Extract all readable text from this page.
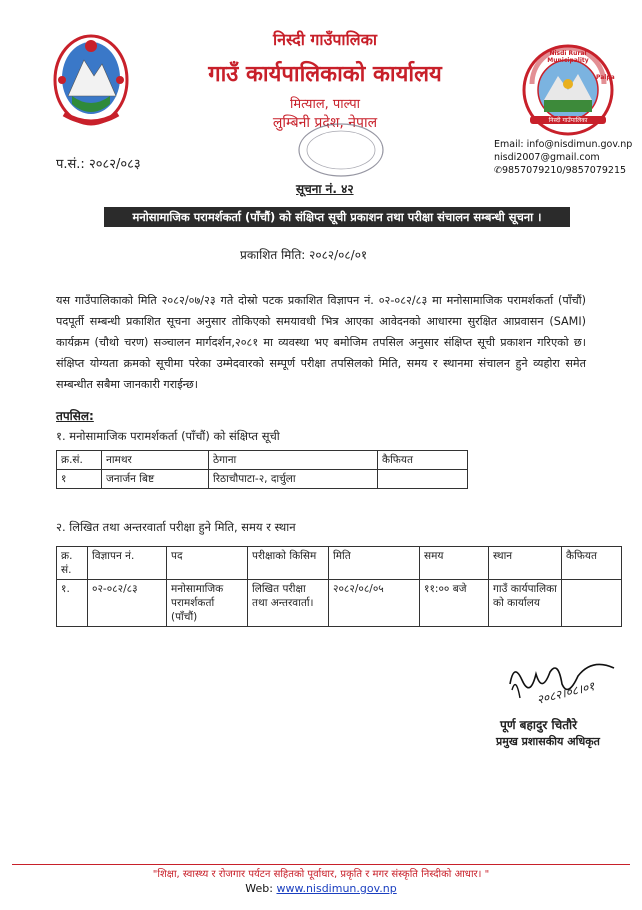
निस्दी गाउँपालिका
गाउँ कार्यपालिकाको कार्यालय
मित्याल, पाल्पा
लुम्बिनी प्रदेश, नेपाल
Nisdi Rural Municipality
निस्दी गाउँपालिका
Palpa
Email: info@nisdimun.gov.np
nisdi2007@gmail.com
✆9857079210/9857079215
प.सं.: २०८२/०८३
सूचना नं. ४२
मनोसामाजिक परामर्शकर्ता (पाँचौं) को संक्षिप्त सूची प्रकाशन तथा परीक्षा संचालन सम्बन्धी सूचना ।
प्रकाशित मिति: २०८२/०८/०१
यस गाउँपालिकाको मिति २०८२/०७/२३ गते दोस्रो पटक प्रकाशित विज्ञापन नं. ०२-०८२/८३ मा मनोसामाजिक परामर्शकर्ता (पाँचौं) पदपूर्ती सम्बन्धी प्रकाशित सूचना अनुसार तोकिएको समयावधी भित्र आएका आवेदनको आधारमा सुरक्षित आप्रवासन (SAMI) कार्यक्रम (चौथो चरण) सञ्चालन मार्गदर्शन,२०८१ मा व्यवस्था भए बमोजिम तपसिल अनुसार संक्षिप्त सूची प्रकाशन गरिएको छ। संक्षिप्त योग्यता क्रमको सूचीमा परेका उम्मेदवारको सम्पूर्ण परीक्षा तपसिलको मिति, समय र स्थानमा संचालन हुने व्यहोरा समेत सम्बन्धीत सबैमा जानकारी गराईन्छ।
तपसिल:
१. मनोसामाजिक परामर्शकर्ता (पाँचौं) को संक्षिप्त सूची
क्र.सं.	नामथर	ठेगाना	कैफियत
१	जनार्जन बिष्ट	रिठाचौपाटा-२, दार्चुला	
२. लिखित तथा अन्तरवार्ता परीक्षा हुने मिति, समय र स्थान
क्र. सं.	विज्ञापन नं.	पद	परीक्षाको किसिम	मिति	समय	स्थान	कैफियत
१.	०२-०८२/८३	मनोसामाजिक परामर्शकर्ता (पाँचौं)	लिखित परीक्षा तथा अन्तरवार्ता।	२०८२/०८/०५	११:०० बजे	गाउँ कार्यपालिका को कार्यालय	
२०८२।०८।०१
पूर्ण बहादुर चितौरे
प्रमुख प्रशासकीय अधिकृत
"शिक्षा, स्वास्थ्य र रोजगार पर्यटन सहितको पूर्वाधार, प्रकृति र मगर संस्कृति निस्दीको आधार। "
Web: www.nisdimun.gov.np
